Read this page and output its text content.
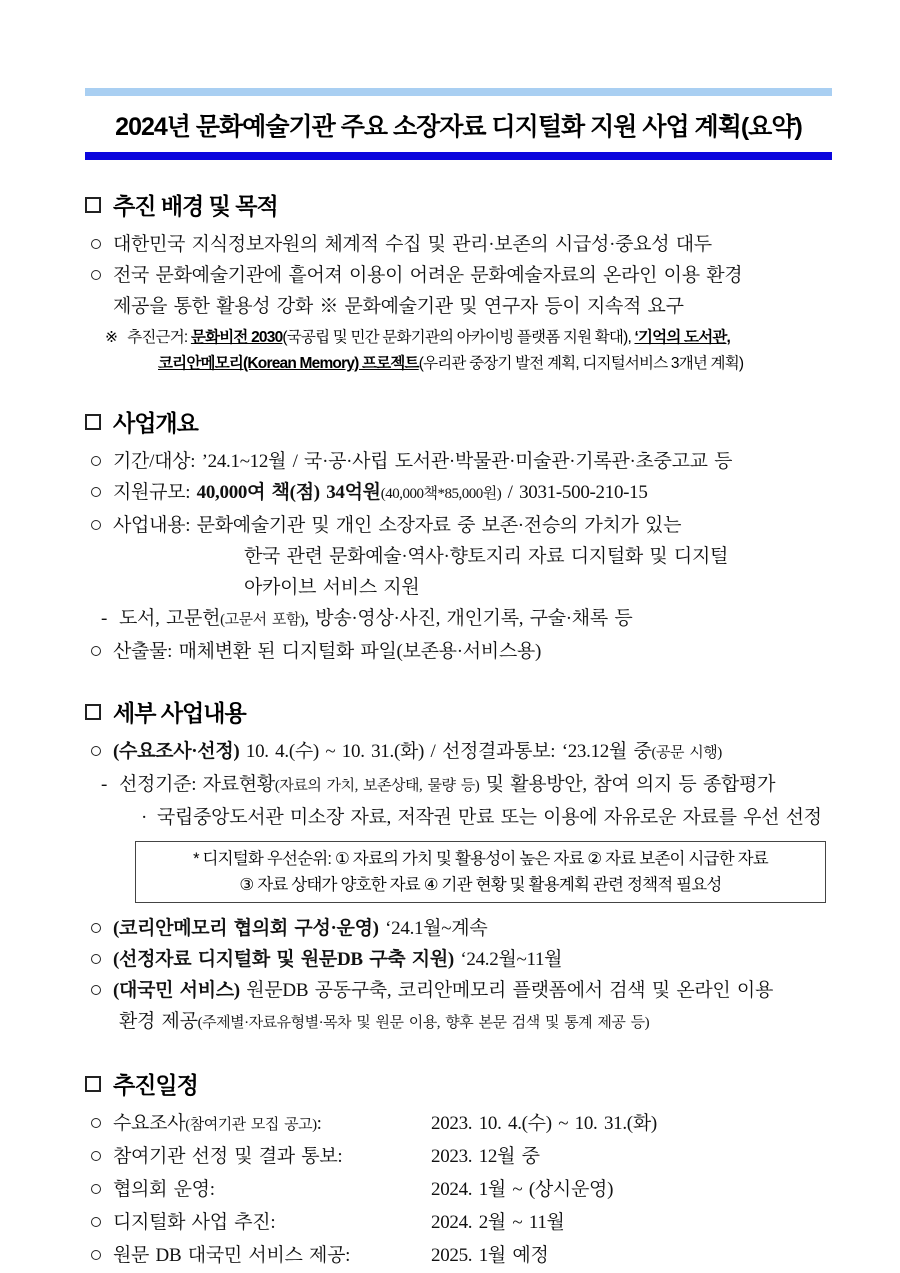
2024년 문화예술기관 주요 소장자료 디지털화 지원 사업 계획(요약)
추진 배경 및 목적
대한민국 지식정보자원의 체계적 수집 및 관리·보존의 시급성·중요성 대두
전국 문화예술기관에 흩어져 이용이 어려운 문화예술자료의 온라인 이용 환경
제공을 통한 활용성 강화 ※ 문화예술기관 및 연구자 등이 지속적 요구
※ 추진근거: 문화비전 2030(국공립 및 민간 문화기관의 아카이빙 플랫폼 지원 확대), ‘기억의 도서관,
코리안메모리(Korean Memory) 프로젝트(우리관 중장기 발전 계획, 디지털서비스 3개년 계획)
사업개요
기간/대상: ’24.1~12월 / 국·공·사립 도서관·박물관·미술관·기록관·초중고교 등
지원규모: 40,000여 책(점) 34억원(40,000책*85,000원) / 3031-500-210-15
사업내용: 문화예술기관 및 개인 소장자료 중 보존·전승의 가치가 있는
한국 관련 문화예술·역사·향토지리 자료 디지털화 및 디지털
아카이브 서비스 지원
- 도서, 고문헌(고문서 포함), 방송·영상·사진, 개인기록, 구술·채록 등
산출물: 매체변환 된 디지털화 파일(보존용·서비스용)
세부 사업내용
(수요조사·선정) 10. 4.(수) ~ 10. 31.(화) / 선정결과통보: ‘23.12월 중(공문 시행)
- 선정기준: 자료현황(자료의 가치, 보존상태, 물량 등) 및 활용방안, 참여 의지 등 종합평가
· 국립중앙도서관 미소장 자료, 저작권 만료 또는 이용에 자유로운 자료를 우선 선정
* 디지털화 우선순위: ① 자료의 가치 및 활용성이 높은 자료 ② 자료 보존이 시급한 자료
③ 자료 상태가 양호한 자료 ④ 기관 현황 및 활용계획 관련 정책적 필요성
(코리안메모리 협의회 구성·운영) ‘24.1월~계속
(선정자료 디지털화 및 원문DB 구축 지원) ‘24.2월~11월
(대국민 서비스) 원문DB 공동구축, 코리안메모리 플랫폼에서 검색 및 온라인 이용
환경 제공(주제별·자료유형별·목차 및 원문 이용, 향후 본문 검색 및 통계 제공 등)
추진일정
수요조사(참여기관 모집 공고):	2023. 10. 4.(수) ~ 10. 31.(화)
참여기관 선정 및 결과 통보:	2023. 12월 중
협의회 운영:	2024. 1월 ~ (상시운영)
디지털화 사업 추진:	2024. 2월 ~ 11월
원문 DB 대국민 서비스 제공:	2025. 1월 예정
